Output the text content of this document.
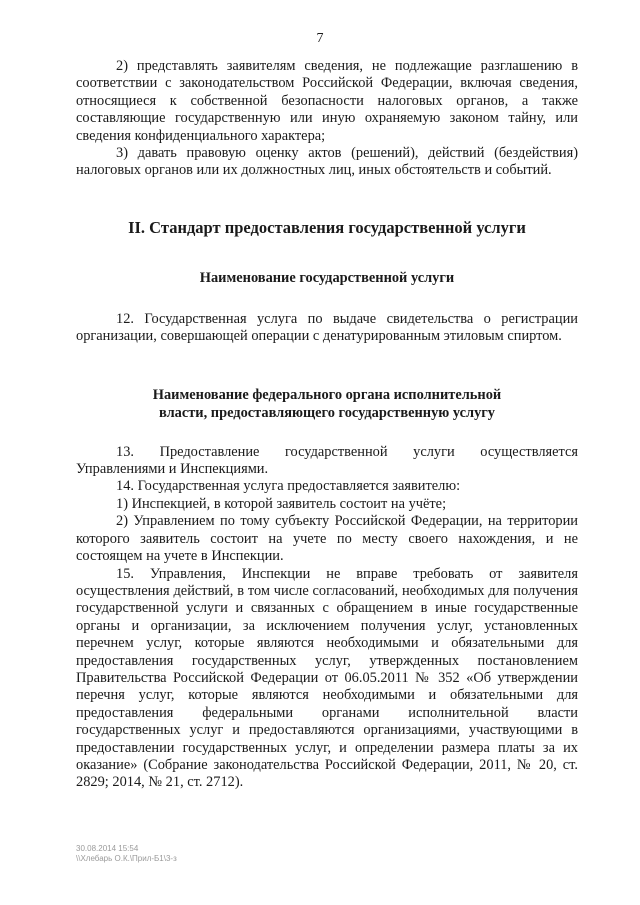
7

2) представлять заявителям сведения, не подлежащие разглашению в соответствии с законодательством Российской Федерации, включая сведения, относящиеся к собственной безопасности налоговых органов, а также составляющие государственную или иную охраняемую законом тайну, или сведения конфиденциального характера;

3) давать правовую оценку актов (решений), действий (бездействия) налоговых органов или их должностных лиц, иных обстоятельств и событий.

II. Стандарт предоставления государственной услуги
Наименование государственной услуги

12. Государственная услуга по выдаче свидетельства о регистрации организации, совершающей операции с денатурированным этиловым спиртом.

Наименование федерального органа исполнительной
власти, предоставляющего государственную услугу

13. Предоставление государственной услуги осуществляется Управлениями и Инспекциями.

14. Государственная услуга предоставляется заявителю:

1) Инспекцией, в которой заявитель состоит на учёте;

2) Управлением по тому субъекту Российской Федерации, на территории которого заявитель состоит на учете по месту своего нахождения, и не состоящем на учете в Инспекции.

15. Управления, Инспекции не вправе требовать от заявителя осуществления действий, в том числе согласований, необходимых для получения государственной услуги и связанных с обращением в иные государственные органы и организации, за исключением получения услуг, установленных перечнем услуг, которые являются необходимыми и обязательными для предоставления государственных услуг, утвержденных постановлением Правительства Российской Федерации от 06.05.2011 № 352 «Об утверждении перечня услуг, которые являются необходимыми и обязательными для предоставления федеральными органами исполнительной власти государственных услуг и предоставляются организациями, участвующими в предоставлении государственных услуг, и определении размера платы за их оказание» (Собрание законодательства Российской Федерации, 2011, № 20, ст. 2829; 2014, № 21, ст. 2712).

30.08.2014 15:54
\\Хлебарь О.К.\Прил-Б1\3-з
